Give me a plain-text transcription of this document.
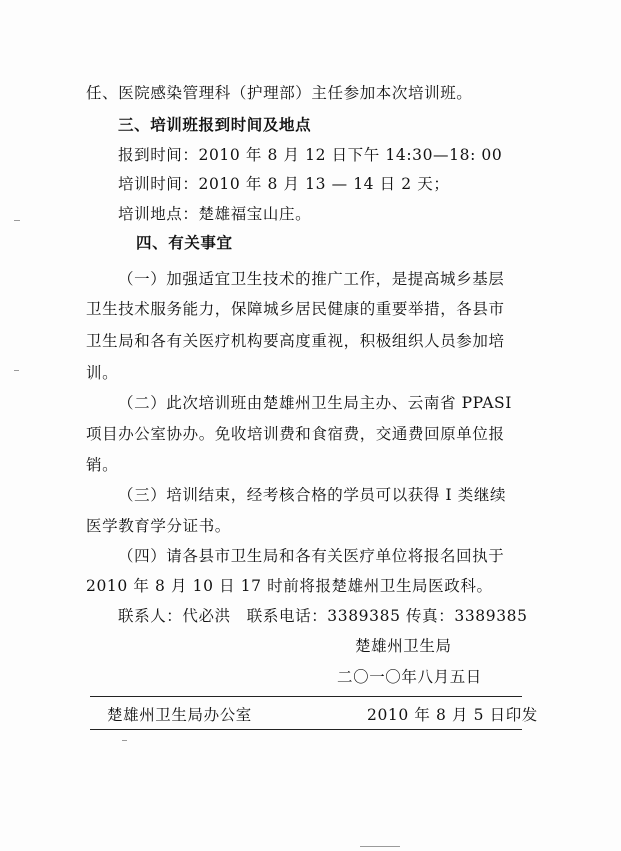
任、医院感染管理科（护理部）主任参加本次培训班。
三、培训班报到时间及地点
报到时间：2010 年 8 月 12 日下午 14:30—18: 00
培训时间：2010 年 8 月 13 — 14 日 2 天；
培训地点：楚雄福宝山庄。
四、有关事宜
（一）加强适宜卫生技术的推广工作，是提高城乡基层
卫生技术服务能力，保障城乡居民健康的重要举措，各县市
卫生局和各有关医疗机构要高度重视，积极组织人员参加培
训。
（二）此次培训班由楚雄州卫生局主办、云南省 PPASI
项目办公室协办。免收培训费和食宿费，交通费回原单位报
销。
（三）培训结束，经考核合格的学员可以获得 I 类继续
医学教育学分证书。
（四）请各县市卫生局和各有关医疗单位将报名回执于
2010 年 8 月 10 日 17 时前将报楚雄州卫生局医政科。
联系人：代必洪　联系电话：3389385 传真：3389385
楚雄州卫生局
二〇一〇年八月五日
楚雄州卫生局办公室	2010 年 8 月 5 日印发
